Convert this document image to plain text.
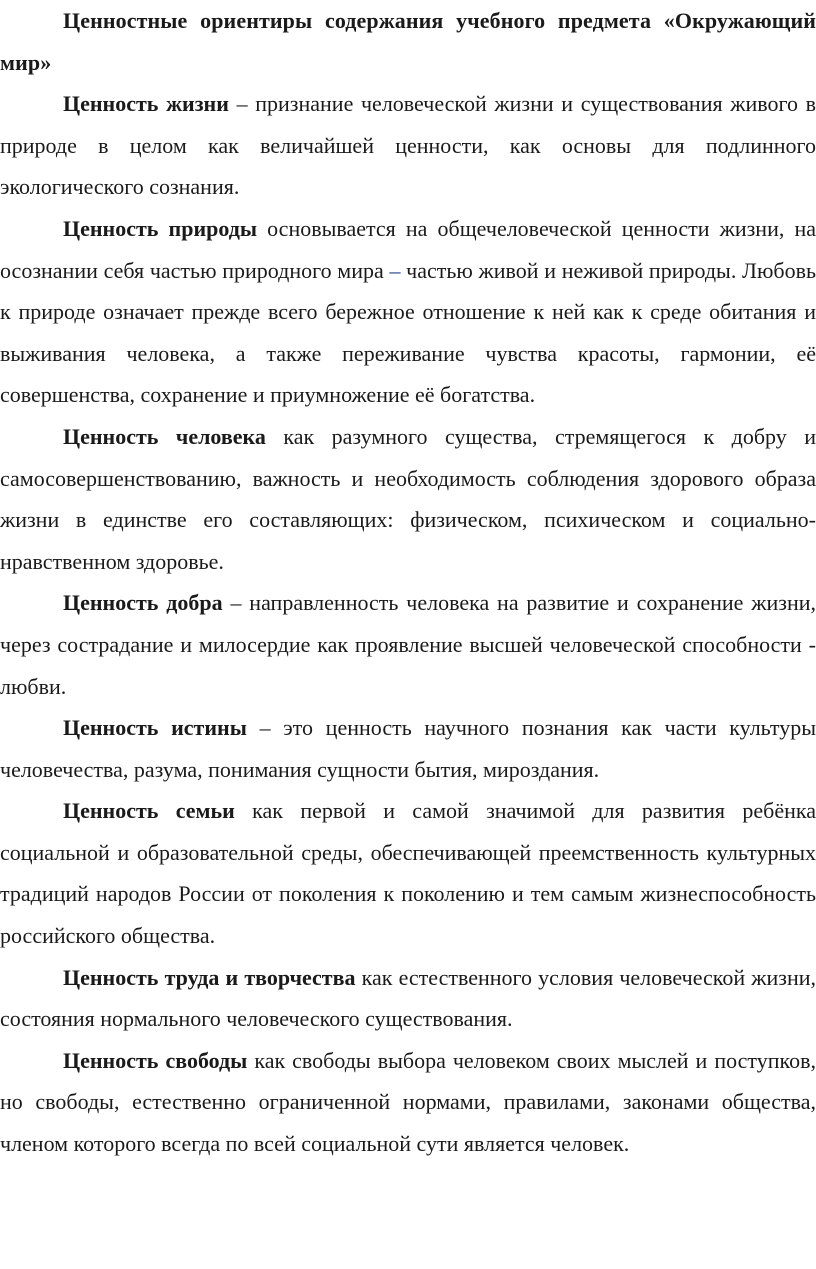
Ценностные ориентиры содержания учебного предмета «Окружающий мир»

Ценность жизни – признание человеческой жизни и существования живого в природе в целом как величайшей ценности, как основы для подлинного экологического сознания.

Ценность природы основывается на общечеловеческой ценности жизни, на осознании себя частью природного мира – частью живой и неживой природы. Любовь к природе означает прежде всего бережное отношение к ней как к среде обитания и выживания человека, а также переживание чувства красоты, гармонии, её совершенства, сохранение и приумножение её богатства.

Ценность человека как разумного существа, стремящегося к добру и самосовершенствованию, важность и необходимость соблюдения здорового образа жизни в единстве его составляющих: физическом, психическом и социально-нравственном здоровье.

Ценность добра – направленность человека на развитие и сохранение жизни, через сострадание и милосердие как проявление высшей человеческой способности - любви.

Ценность истины – это ценность научного познания как части культуры человечества, разума, понимания сущности бытия, мироздания.

Ценность семьи как первой и самой значимой для развития ребёнка социальной и образовательной среды, обеспечивающей преемственность культурных традиций народов России от поколения к поколению и тем самым жизнеспособность российского общества.

Ценность труда и творчества как естественного условия человеческой жизни, состояния нормального человеческого существования.

Ценность свободы как свободы выбора человеком своих мыслей и поступков, но свободы, естественно ограниченной нормами, правилами, законами общества, членом которого всегда по всей социальной сути является человек.
